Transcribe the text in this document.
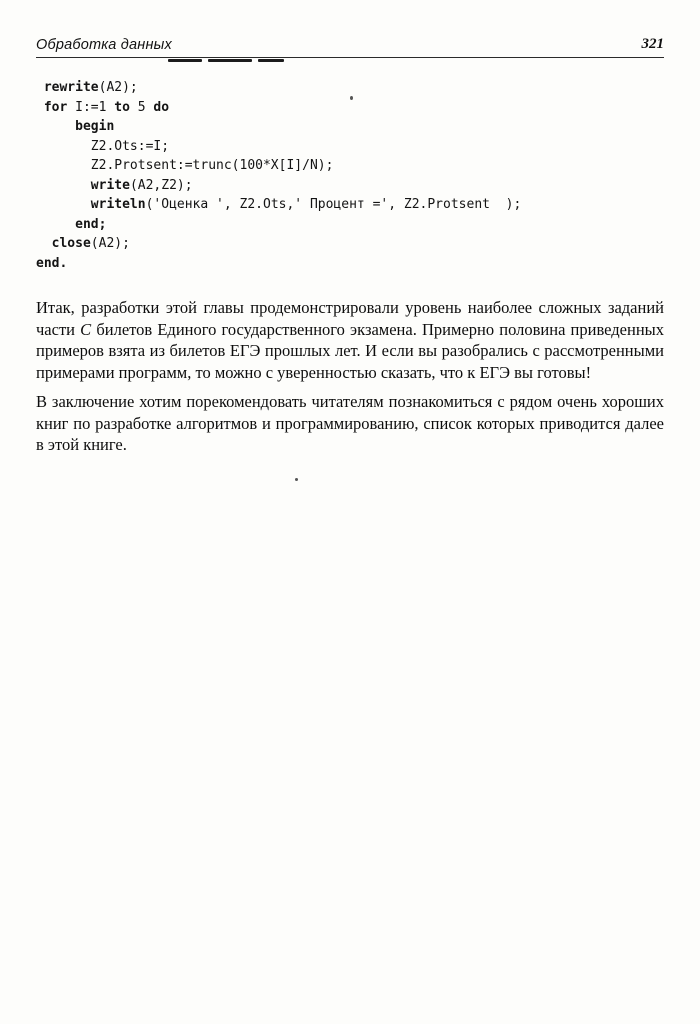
Обработка данных	321
rewrite(A2);
for I:=1 to 5 do
begin
Z2.Ots:=I;
Z2.Protsent:=trunc(100*X[I]/N);
write(A2,Z2);
writeln('Оценка ', Z2.Ots,' Процент =', Z2.Protsent  );
end;
close(A2);
end.

Итак, разработки этой главы продемонстрировали уровень наиболее сложных заданий части С билетов Единого государственного экзамена. Примерно половина приведенных примеров взята из билетов ЕГЭ прошлых лет. И если вы разобрались с рассмотренными примерами программ, то можно с уверенностью сказать, что к ЕГЭ вы готовы!

В заключение хотим порекомендовать читателям познакомиться с рядом очень хороших книг по разработке алгоритмов и программированию, список которых приводится далее в этой книге.
